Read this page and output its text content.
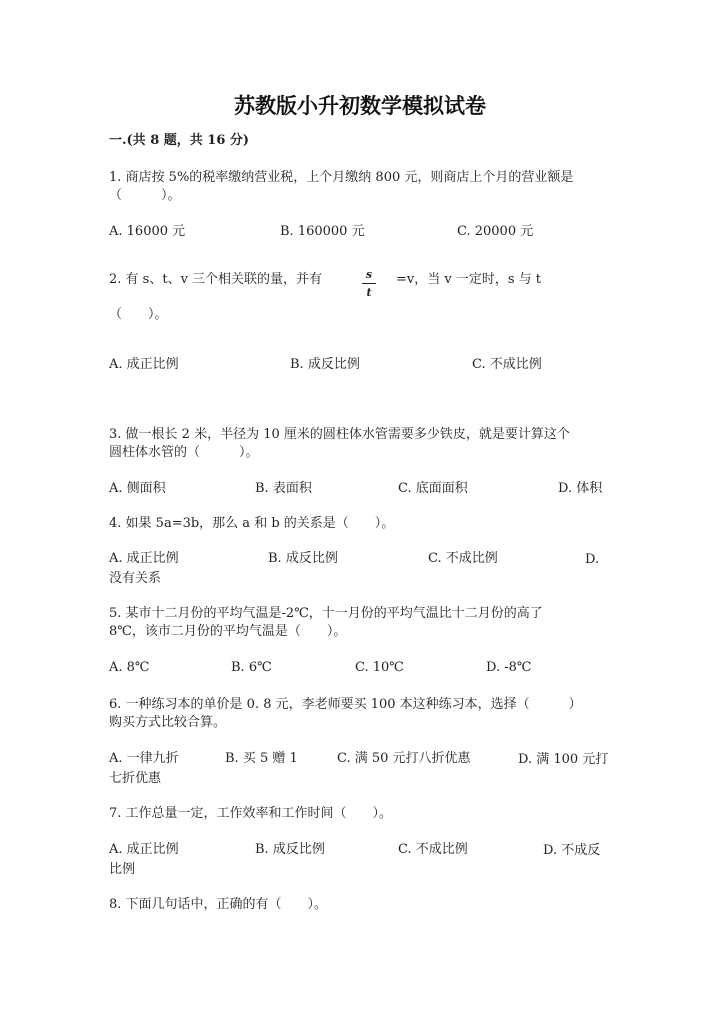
苏教版小升初数学模拟试卷
一.(共 8 题，共 16 分)
1. 商店按 5%的税率缴纳营业税，上个月缴纳 800 元，则商店上个月的营业额是
（　　　）。
A. 16000 元	B. 160000 元	C. 20000 元
2. 有 s、t、v 三个相关联的量，并有	s
t
=v，当 v 一定时，s 与 t
（　　）。
A. 成正比例	B. 成反比例	C. 不成比例
3. 做一根长 2 米，半径为 10 厘米的圆柱体水管需要多少铁皮，就是要计算这个
圆柱体水管的（　　　）。
A. 侧面积	B. 表面积	C. 底面面积	D. 体积
4. 如果 5a=3b，那么 a 和 b 的关系是（　　）。
A. 成正比例	B. 成反比例	C. 不成比例	D. 没有关系
5. 某市十二月份的平均气温是-2℃，十一月份的平均气温比十二月份的高了
8℃，该市二月份的平均气温是（　　）。
A. 8℃	B. 6℃	C. 10℃	D. -8℃
6. 一种练习本的单价是 0. 8 元，李老师要买 100 本这种练习本，选择（　　　）
购买方式比较合算。
A. 一律九折	B. 买 5 赠 1	C. 满 50 元打八折优惠	D. 满 100 元打七折优惠
7. 工作总量一定，工作效率和工作时间（　　）。
A. 成正比例	B. 成反比例	C. 不成比例	D. 不成反比例
8. 下面几句话中，正确的有（　　）。
